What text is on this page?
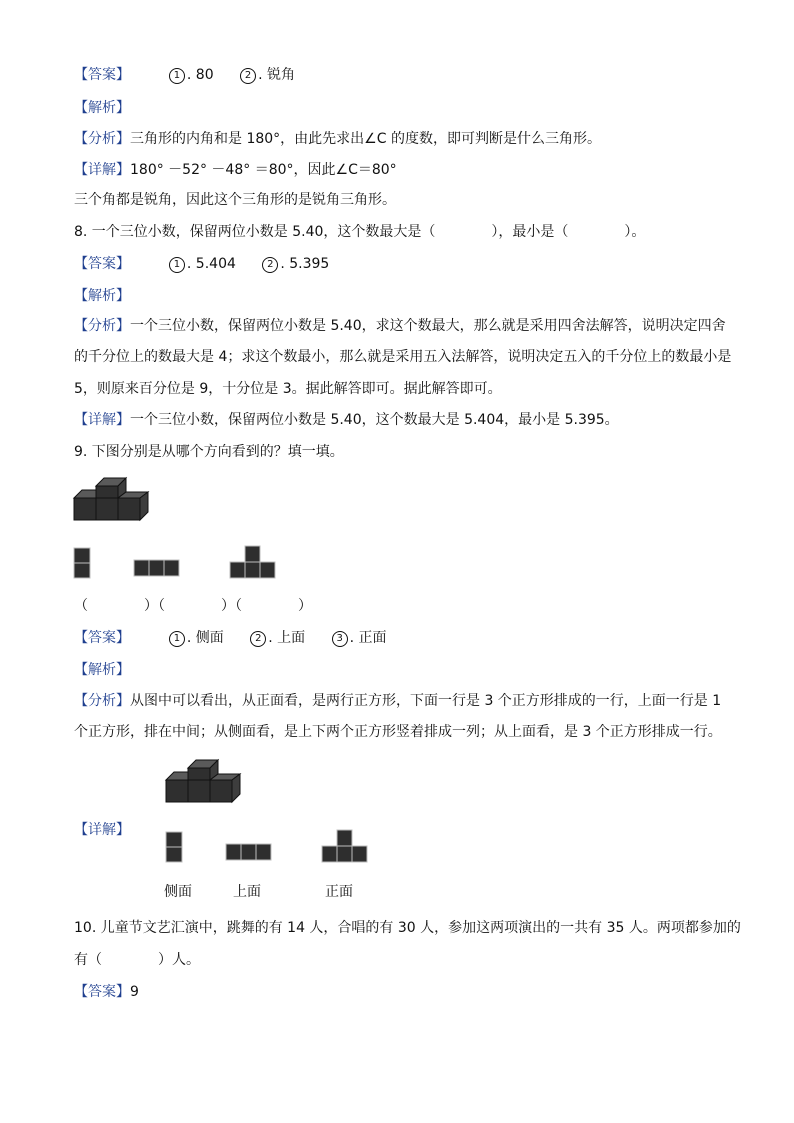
【答案】	1 . 80	2 . 锐角
【解析】
【分析】三角形的内角和是 180°，由此先求出∠C 的度数，即可判断是什么三角形。
【详解】180° －52° －48° ＝80°，因此∠C＝80°
三个角都是锐角，因此这个三角形的是锐角三角形。
8. 一个三位小数，保留两位小数是 5.40，这个数最大是（　　　　），最小是（　　　　）。
【答案】	1 . 5.404	2 . 5.395
【解析】
【分析】一个三位小数，保留两位小数是 5.40，求这个数最大，那么就是采用四舍法解答，说明决定四舍
的千分位上的数最大是 4；求这个数最小，那么就是采用五入法解答，说明决定五入的千分位上的数最小是
5，则原来百分位是 9，十分位是 3。据此解答即可。据此解答即可。
【详解】一个三位小数，保留两位小数是 5.40，这个数最大是 5.404，最小是 5.395。
9. 下图分别是从哪个方向看到的？填一填。
（　　　　）（　　　　）（　　　　）
【答案】	1 . 侧面	2 . 上面	3 . 正面
【解析】
【分析】从图中可以看出，从正面看，是两行正方形，下面一行是 3 个正方形排成的一行，上面一行是 1
个正方形，排在中间；从侧面看，是上下两个正方形竖着排成一列；从上面看，是 3 个正方形排成一行。
【详解】
侧面	上面	正面
10. 儿童节文艺汇演中，跳舞的有 14 人，合唱的有 30 人，参加这两项演出的一共有 35 人。两项都参加的
有（　　　　）人。
【答案】9
